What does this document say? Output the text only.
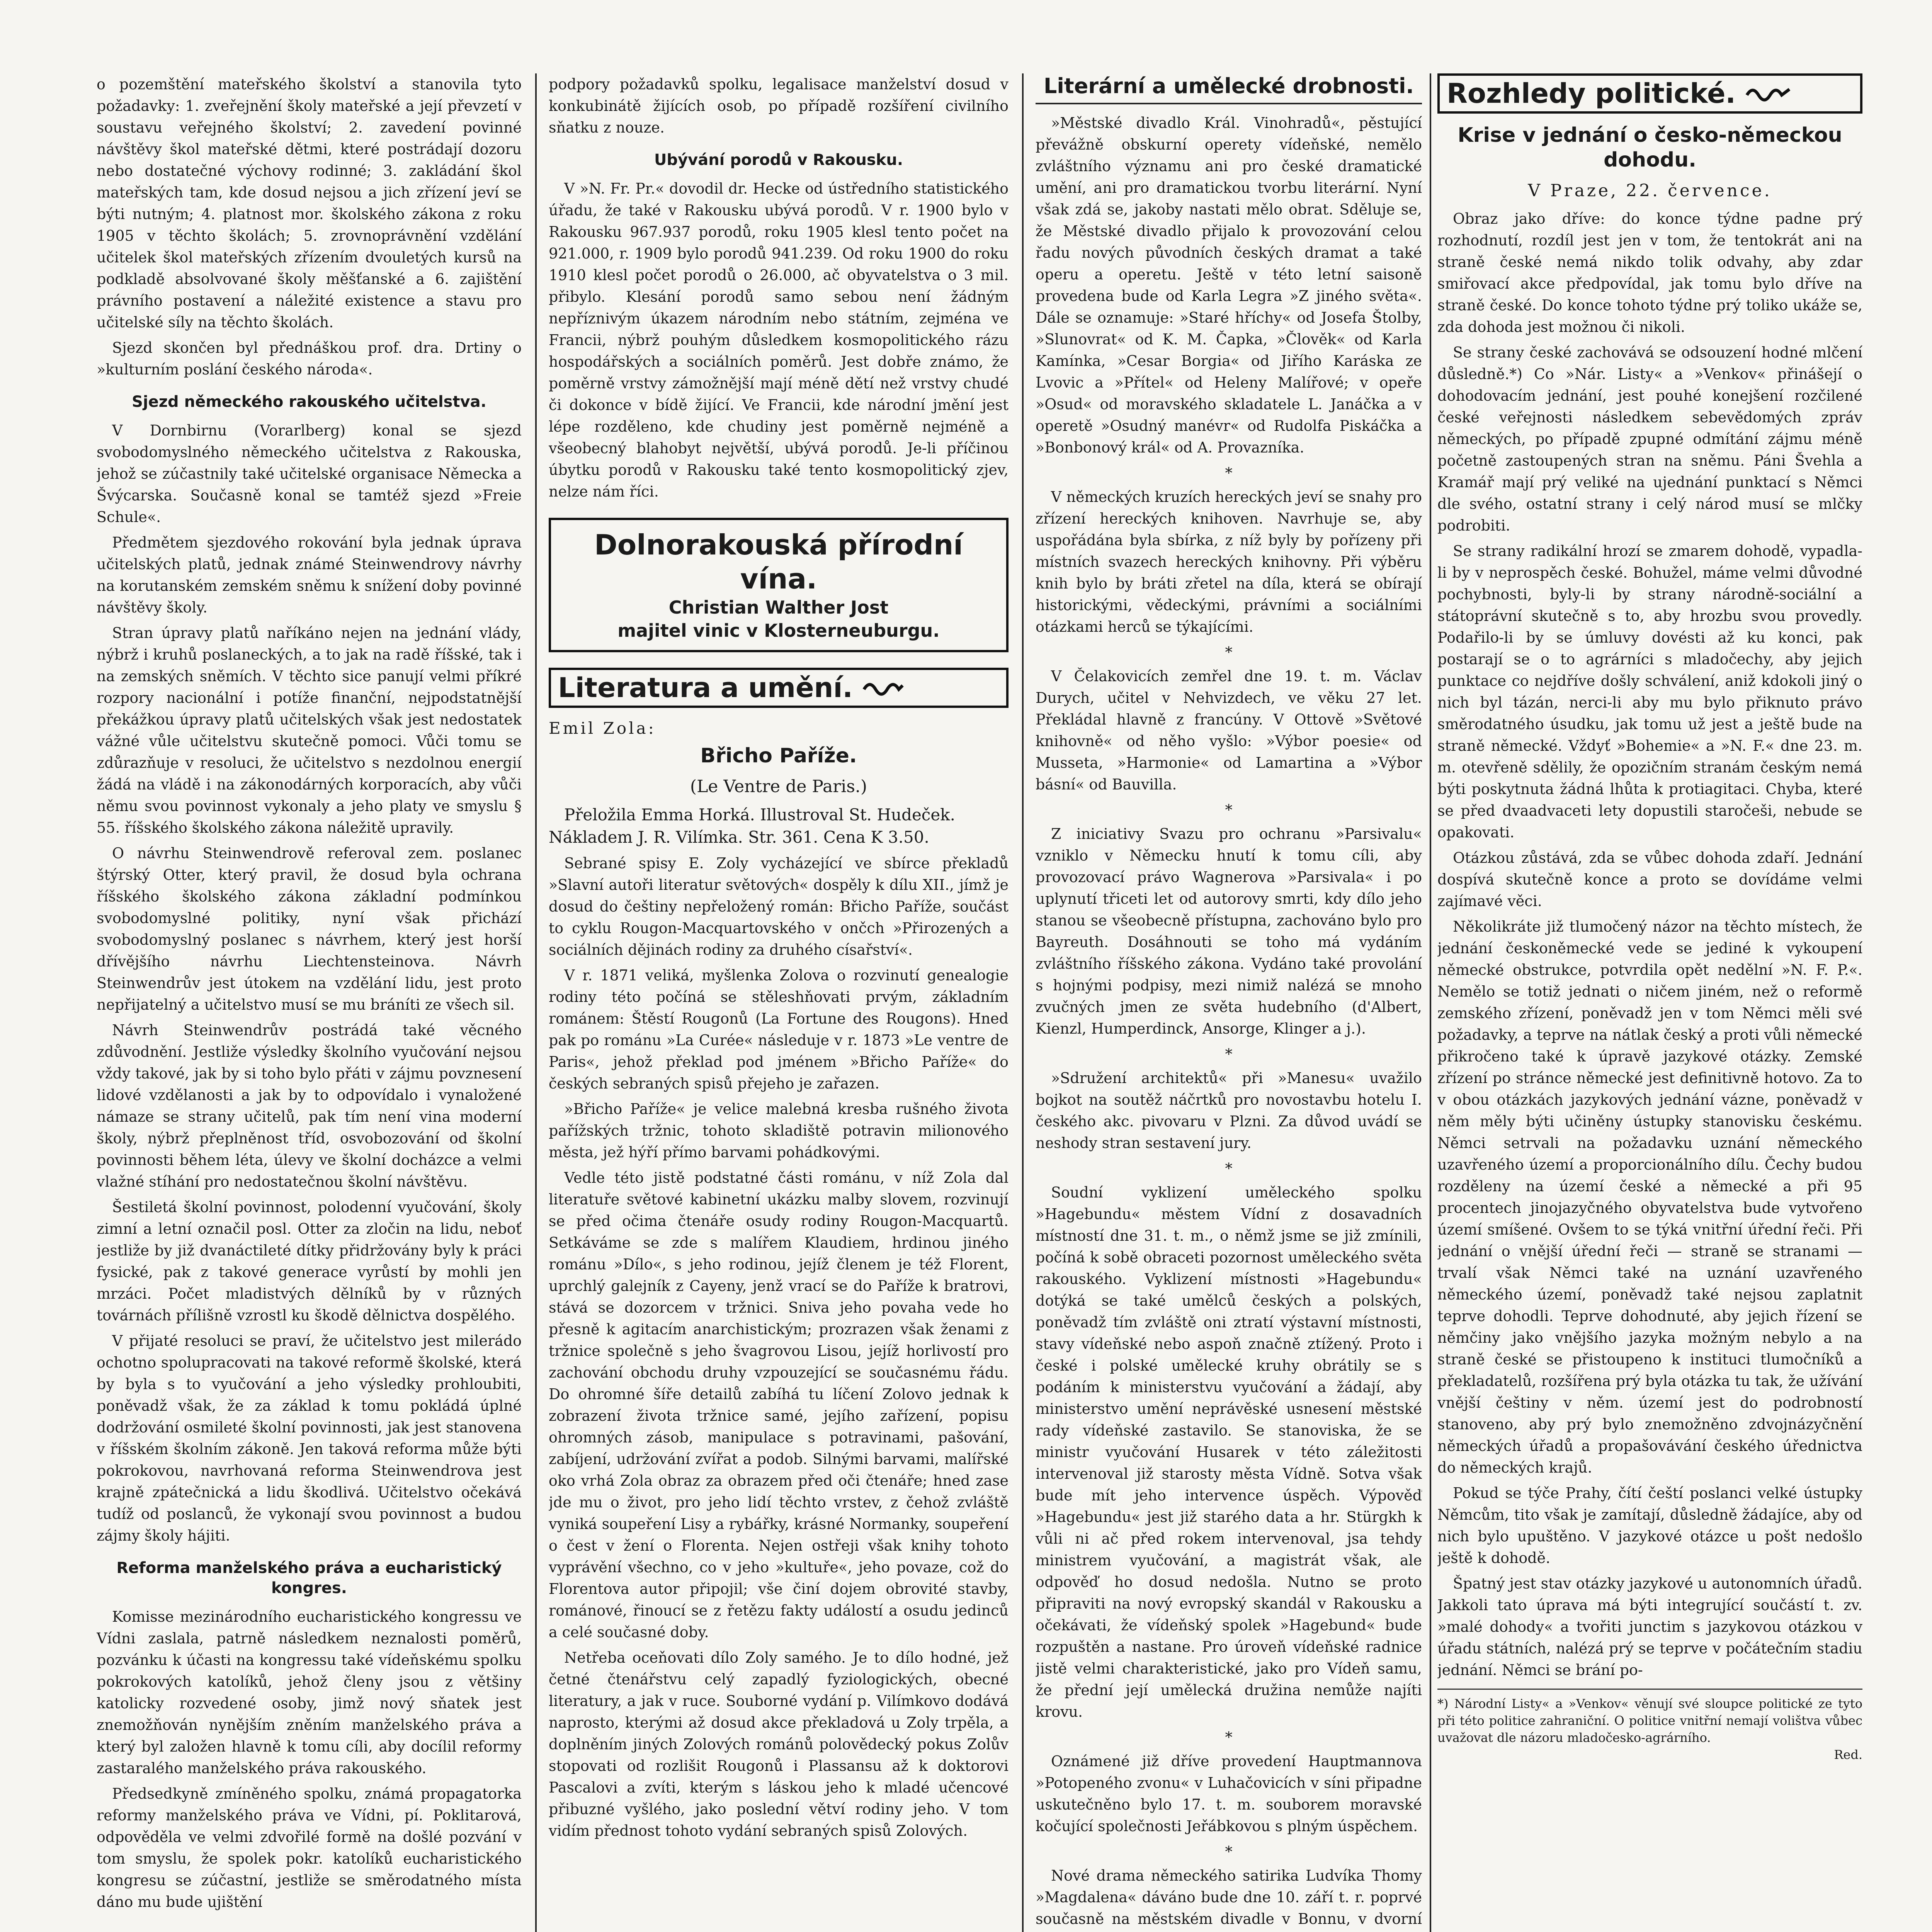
o pozemštění mateřského školství a stanovila tyto požadavky: 1. zveřejnění školy mateřské a její převzetí v soustavu veřejného školství; 2. zavedení povinné návštěvy škol mateřské dětmi, které postrádají dozoru nebo dostatečné výchovy rodinné; 3. zakládání škol mateřských tam, kde dosud nejsou a jich zřízení jeví se býti nutným; 4. platnost mor. školského zákona z roku 1905 v těchto školách; 5. zrovnoprávnění vzdělání učitelek škol mateřských zřízením dvouletých kursů na podkladě absolvované školy měšťanské a 6. zajištění právního postavení a náležité existence a stavu pro učitelské síly na těchto školách.

Sjezd skončen byl přednáškou prof. dra. Drtiny o »kulturním poslání českého národa«.

Sjezd německého rakouského učitelstva.

V Dornbirnu (Vorarlberg) konal se sjezd svobodomyslného německého učitelstva z Rakouska, jehož se zúčastnily také učitelské organisace Německa a Švýcarska. Současně konal se tamtéž sjezd »Freie Schule«.

Předmětem sjezdového rokování byla jednak úprava učitelských platů, jednak známé Steinwendrovy návrhy na korutanském zemském sněmu k snížení doby povinné návštěvy školy.

Stran úpravy platů naříkáno nejen na jednání vlády, nýbrž i kruhů poslaneckých, a to jak na radě říšské, tak i na zemských sněmích. V těchto sice panují velmi příkré rozpory nacionální i potíže finanční, nejpodstatnější překážkou úpravy platů učitelských však jest nedostatek vážné vůle učitelstvu skutečně pomoci. Vůči tomu se zdůrazňuje v resoluci, že učitelstvo s nezdolnou energií žádá na vládě i na zákonodárných korporacích, aby vůči němu svou povinnost vykonaly a jeho platy ve smyslu § 55. říšského školského zákona náležitě upravily.

O návrhu Steinwendrově referoval zem. poslanec štýrský Otter, který pravil, že dosud byla ochrana říšského školského zákona základní podmínkou svobodomyslné politiky, nyní však přichází svobodomyslný poslanec s návrhem, který jest horší dřívějšího návrhu Liechtensteinova. Návrh Steinwendrův jest útokem na vzdělání lidu, jest proto nepřijatelný a učitelstvo musí se mu bráníti ze všech sil.

Návrh Steinwendrův postrádá také věcného zdůvodnění. Jestliže výsledky školního vyučování nejsou vždy takové, jak by si toho bylo přáti v zájmu povznesení lidové vzdělanosti a jak by to odpovídalo i vynaložené námaze se strany učitelů, pak tím není vina moderní školy, nýbrž přeplněnost tříd, osvobozování od školní povinnosti během léta, úlevy ve školní docházce a velmi vlažné stíhání pro nedostatečnou školní návštěvu.

Šestiletá školní povinnost, polodenní vyučování, školy zimní a letní označil posl. Otter za zločin na lidu, neboť jestliže by již dvanáctileté dítky přidržovány byly k práci fysické, pak z takové generace vyrůstí by mohli jen mrzáci. Počet mladistvých dělníků by v různých továrnách přílišně vzrostl ku škodě dělnictva dospělého.

V přijaté resoluci se praví, že učitelstvo jest milerádo ochotno spolupracovati na takové reformě školské, která by byla s to vyučování a jeho výsledky prohloubiti, poněvadž však, že za základ k tomu pokládá úplné dodržování osmileté školní povinnosti, jak jest stanovena v říšském školním zákoně. Jen taková reforma může býti pokrokovou, navrhovaná reforma Steinwendrova jest krajně zpátečnická a lidu škodlivá. Učitelstvo očekává tudíž od poslanců, že vykonají svou povinnost a budou zájmy školy hájiti.

Reforma manželského práva a eucharistický kongres.

Komisse mezinárodního eucharistického kongressu ve Vídni zaslala, patrně následkem neznalosti poměrů, pozvánku k účasti na kongressu také vídeňskému spolku pokrokových katolíků, jehož členy jsou z většiny katolicky rozvedené osoby, jimž nový sňatek jest znemožňován nynějším zněním manželského práva a který byl založen hlavně k tomu cíli, aby docílil reformy zastaralého manželského práva rakouského.

Předsedkyně zmíněného spolku, známá propagatorka reformy manželského práva ve Vídni, pí. Poklitarová, odpověděla ve velmi zdvořilé formě na došlé pozvání v tom smyslu, že spolek pokr. katolíků eucharistického kongresu se zúčastní, jestliže se směrodatného místa dáno mu bude ujištění

podpory požadavků spolku, legalisace manželství dosud v konkubinátě žijících osob, po případě rozšíření civilního sňatku z nouze.

Ubývání porodů v Rakousku.

V »N. Fr. Pr.« dovodil dr. Hecke od ústředního statistického úřadu, že také v Rakousku ubývá porodů. V r. 1900 bylo v Rakousku 967.937 porodů, roku 1905 klesl tento počet na 921.000, r. 1909 bylo porodů 941.239. Od roku 1900 do roku 1910 klesl počet porodů o 26.000, ač obyvatelstva o 3 mil. přibylo. Klesání porodů samo sebou není žádným nepříznivým úkazem národním nebo státním, zejména ve Francii, nýbrž pouhým důsledkem kosmopolitického rázu hospodářských a sociálních poměrů. Jest dobře známo, že poměrně vrstvy zámožnější mají méně dětí než vrstvy chudé či dokonce v bídě žijící. Ve Francii, kde národní jmění jest lépe rozděleno, kde chudiny jest poměrně nejméně a všeobecný blahobyt největší, ubývá porodů. Je-li příčinou úbytku porodů v Rakousku také tento kosmopolitický zjev, nelze nám říci.

Dolnorakouská přírodní vína.
Christian Walther Jost
majitel vinic v Klosterneuburgu.
Literatura a umění.
Emil Zola:
Břicho Paříže.
(Le Ventre de Paris.)

Přeložila Emma Horká. Illustroval St. Hudeček. Nákladem J. R. Vilímka. Str. 361. Cena K 3.50.

Sebrané spisy E. Zoly vycházející ve sbírce překladů »Slavní autoři literatur světových« dospěly k dílu XII., jímž je dosud do češtiny nepřeložený román: Břicho Paříže, součást to cyklu Rougon-Macquartovského v ončch »Přirozených a sociálních dějinách rodiny za druhého císařství«.

V r. 1871 veliká, myšlenka Zolova o rozvinutí genealogie rodiny této počíná se stěleshňovati prvým, základním románem: Štěstí Rougonů (La Fortune des Rougons). Hned pak po románu »La Curée« následuje v r. 1873 »Le ventre de Paris«, jehož překlad pod jménem »Břicho Paříže« do českých sebraných spisů přejeho je zařazen.

»Břicho Paříže« je velice malebná kresba rušného života pařížských tržnic, tohoto skladiště potravin milionového města, jež hýří přímo barvami pohádkovými.

Vedle této jistě podstatné části románu, v níž Zola dal literatuře světové kabinetní ukázku malby slovem, rozvinují se před očima čtenáře osudy rodiny Rougon-Macquartů. Setkáváme se zde s malířem Klaudiem, hrdinou jiného románu »Dílo«, s jeho rodinou, jejíž členem je též Florent, uprchlý galejník z Cayeny, jenž vrací se do Paříže k bratrovi, stává se dozorcem v tržnici. Sniva jeho povaha vede ho přesně k agitacím anarchistickým; prozrazen však ženami z tržnice společně s jeho švagrovou Lisou, jejíž horlivostí pro zachování obchodu druhy vzpouzející se současnému řádu. Do ohromné šíře detailů zabíhá tu líčení Zolovo jednak k zobrazení života tržnice samé, jejího zařízení, popisu ohromných zásob, manipulace s potravinami, pašování, zabíjení, udržování zvířat a podob. Silnými barvami, malířské oko vrhá Zola obraz za obrazem před oči čtenáře; hned zase jde mu o život, pro jeho lidí těchto vrstev, z čehož zvláště vyniká soupeření Lisy a rybářky, krásné Normanky, soupeření o čest v žení o Florenta. Nejen ostřeji však knihy tohoto vyprávění všechno, co v jeho »kultuře«, jeho povaze, což do Florentova autor připojil; vše činí dojem obrovité stavby, románové, řinoucí se z řetězu fakty událostí a osudu jedinců a celé současné doby.

Netřeba oceňovati dílo Zoly samého. Je to dílo hodné, jež četné čtenářstvu celý zapadlý fyziologických, obecné literatury, a jak v ruce. Souborné vydání p. Vilímkovo dodává naprosto, kterými až dosud akce překladová u Zoly trpěla, a doplněním jiných Zolových románů polovědecký pokus Zolův stopovati od rozlišit Rougonů i Plassansu až k doktorovi Pascalovi a zvíti, kterým s láskou jeho k mladé učencové přibuzné vyšlého, jako poslední větví rodiny jeho. V tom vidím přednost tohoto vydání sebraných spisů Zolových.

Literární a umělecké drobnosti.

»Městské divadlo Král. Vinohradů«, pěstující převážně obskurní operety vídeňské, nemělo zvláštního významu ani pro české dramatické umění, ani pro dramatickou tvorbu literární. Nyní však zdá se, jakoby nastati mělo obrat. Sděluje se, že Městské divadlo přijalo k provozování celou řadu nových původních českých dramat a také operu a operetu. Ještě v této letní saisoně provedena bude od Karla Legra »Z jiného světa«. Dále se oznamuje: »Staré hříchy« od Josefa Štolby, »Slunovrat« od K. M. Čapka, »Člověk« od Karla Kamínka, »Cesar Borgia« od Jiřího Karáska ze Lvovic a »Přítel« od Heleny Malířové; v opeře »Osud« od moravského skladatele L. Janáčka a v operetě »Osudný manévr« od Rudolfa Piskáčka a »Bonbonový král« od A. Provazníka.

*

V německých kruzích hereckých jeví se snahy pro zřízení hereckých knihoven. Navrhuje se, aby uspořádána byla sbírka, z níž byly by pořízeny při místních svazech hereckých knihovny. Při výběru knih bylo by bráti zřetel na díla, která se obírají historickými, vědeckými, právními a sociálními otázkami herců se týkajícími.

*

V Čelakovicích zemřel dne 19. t. m. Václav Durych, učitel v Nehvizdech, ve věku 27 let. Překládal hlavně z francúny. V Ottově »Světové knihovně« od něho vyšlo: »Výbor poesie« od Musseta, »Harmonie« od Lamartina a »Výbor básní« od Bauvilla.

*

Z iniciativy Svazu pro ochranu »Parsivalu« vzniklo v Německu hnutí k tomu cíli, aby provozovací právo Wagnerova »Parsivala« i po uplynutí třiceti let od autorovy smrti, kdy dílo jeho stanou se všeobecně přístupna, zachováno bylo pro Bayreuth. Dosáhnouti se toho má vydáním zvláštního říšského zákona. Vydáno také provolání s hojnými podpisy, mezi nimiž nalézá se mnoho zvučných jmen ze světa hudebního (d'Albert, Kienzl, Humperdinck, Ansorge, Klinger a j.).

*

»Sdružení architektů« při »Manesu« uvažilo bojkot na soutěž náčrtků pro novostavbu hotelu I. českého akc. pivovaru v Plzni. Za důvod uvádí se neshody stran sestavení jury.

*

Soudní vyklizení uměleckého spolku »Hagebundu« městem Vídní z dosavadních místností dne 31. t. m., o němž jsme se již zmínili, počíná k sobě obraceti pozornost uměleckého světa rakouského. Vyklizení místnosti »Hagebundu« dotýká se také umělců českých a polských, poněvadž tím zvláště oni ztratí výstavní místnosti, stavy vídeňské nebo aspoň značně ztížený. Proto i české i polské umělecké kruhy obrátily se s podáním k ministerstvu vyučování a žádají, aby ministerstvo umění neprávěské usnesení městské rady vídeňské zastavilo. Se stanoviska, že se ministr vyučování Husarek v této záležitosti intervenoval již starosty města Vídně. Sotva však bude mít jeho intervence úspěch. Výpověď »Hagebundu« jest již starého data a hr. Stürgkh k vůli ni ač před rokem intervenoval, jsa tehdy ministrem vyučování, a magistrát však, ale odpověď ho dosud nedošla. Nutno se proto připraviti na nový evropský skandál v Rakousku a očekávati, že vídeňský spolek »Hagebund« bude rozpuštěn a nastane. Pro úroveň vídeňské radnice jistě velmi charakteristické, jako pro Vídeň samu, že přední její umělecká družina nemůže najíti krovu.

*

Oznámené již dříve provedení Hauptmannova »Potopeného zvonu« v Luhačovicích v síni připadne uskutečněno bylo 17. t. m. souborem moravské kočující společnosti Jeřábkovou s plným úspěchem.

*

Nové drama německého satirika Ludvíka Thomy »Magdalena« dáváno bude dne 10. září t. r. poprvé současně na městském divadle v Bonnu, v dvorní

Rozhledy politické.
Krise v jednání o česko-německou dohodu.
V Praze, 22. července.

Obraz jako dříve: do konce týdne padne prý rozhodnutí, rozdíl jest jen v tom, že tentokrát ani na straně české nemá nikdo tolik odvahy, aby zdar smiřovací akce předpovídal, jak tomu bylo dříve na straně české. Do konce tohoto týdne prý toliko ukáže se, zda dohoda jest možnou či nikoli.

Se strany české zachovává se odsouzení hodné mlčení důsledně.*) Co »Nár. Listy« a »Venkov« přinášejí o dohodovacím jednání, jest pouhé konejšení rozčilené české veřejnosti následkem sebevědomých zpráv německých, po případě zpupné odmítání zájmu méně početně zastoupených stran na sněmu. Páni Švehla a Kramář mají prý veliké na ujednání punktací s Němci dle svého, ostatní strany i celý národ musí se mlčky podrobiti.

Se strany radikální hrozí se zmarem dohodě, vypadla-li by v neprospěch české. Bohužel, máme velmi důvodné pochybnosti, byly-li by strany národně-sociální a státoprávní skutečně s to, aby hrozbu svou provedly. Podařilo-li by se úmluvy dovésti až ku konci, pak postarají se o to agrárníci s mladočechy, aby jejich punktace co nejdříve došly schválení, aniž kdokoli jiný o nich byl tázán, nerci-li aby mu bylo přiknuto právo směrodatného úsudku, jak tomu už jest a ještě bude na straně německé. Vždyť »Bohemie« a »N. F.« dne 23. m. m. otevřeně sdělily, že opozičním stranám českým nemá býti poskytnuta žádná lhůta k protiagitaci. Chyba, které se před dvaadvaceti lety dopustili staročeši, nebude se opakovati.

Otázkou zůstává, zda se vůbec dohoda zdaří. Jednání dospívá skutečně konce a proto se dovídáme velmi zajímavé věci.

Několikráte již tlumočený názor na těchto místech, že jednání českoněmecké vede se jediné k vykoupení německé obstrukce, potvrdila opět nedělní »N. F. P.«. Nemělo se totiž jednati o ničem jiném, než o reformě zemského zřízení, poněvadž jen v tom Němci měli své požadavky, a teprve na nátlak český a proti vůli německé přikročeno také k úpravě jazykové otázky. Zemské zřízení po stránce německé jest definitivně hotovo. Za to v obou otázkách jazykových jednání vázne, poněvadž v něm měly býti učiněny ústupky stanovisku českému. Němci setrvali na požadavku uznání německého uzavřeného území a proporcionálního dílu. Čechy budou rozděleny na území české a německé a při 95 procentech jinojazyčného obyvatelstva bude vytvořeno území smíšené. Ovšem to se týká vnitřní úřední řeči. Při jednání o vnější úřední řeči — straně se stranami — trvalí však Němci také na uznání uzavřeného německého území, poněvadž také nejsou zaplatnit teprve dohodli. Teprve dohodnuté, aby jejich řízení se němčiny jako vnějšího jazyka možným nebylo a na straně české se přistoupeno k instituci tlumočníků a překladatelů, rozšířena prý byla otázka tu tak, že užívání vnější češtiny v něm. území jest do podrobností stanoveno, aby prý bylo znemožněno zdvojnázyčnění německých úřadů a propašovávání českého úřednictva do německých krajů.

Pokud se týče Prahy, čítí čeští poslanci velké ústupky Němcům, tito však je zamítají, důsledně žádajíce, aby od nich bylo upuštěno. V jazykové otázce u pošt nedošlo ještě k dohodě.

Špatný jest stav otázky jazykové u autonomních úřadů. Jakkoli tato úprava má býti integrující součástí t. zv. »malé dohody« a tvořiti junctim s jazykovou otázkou v úřadu státních, nalézá prý se teprve v počátečním stadiu jednání. Němci se brání po-

*) Národní Listy« a »Venkov« věnují své sloupce politické ze tyto při této politice zahraniční. O politice vnitřní nemají volištva vůbec uvažovat dle názoru mladočesko-agrárního.
Red.
